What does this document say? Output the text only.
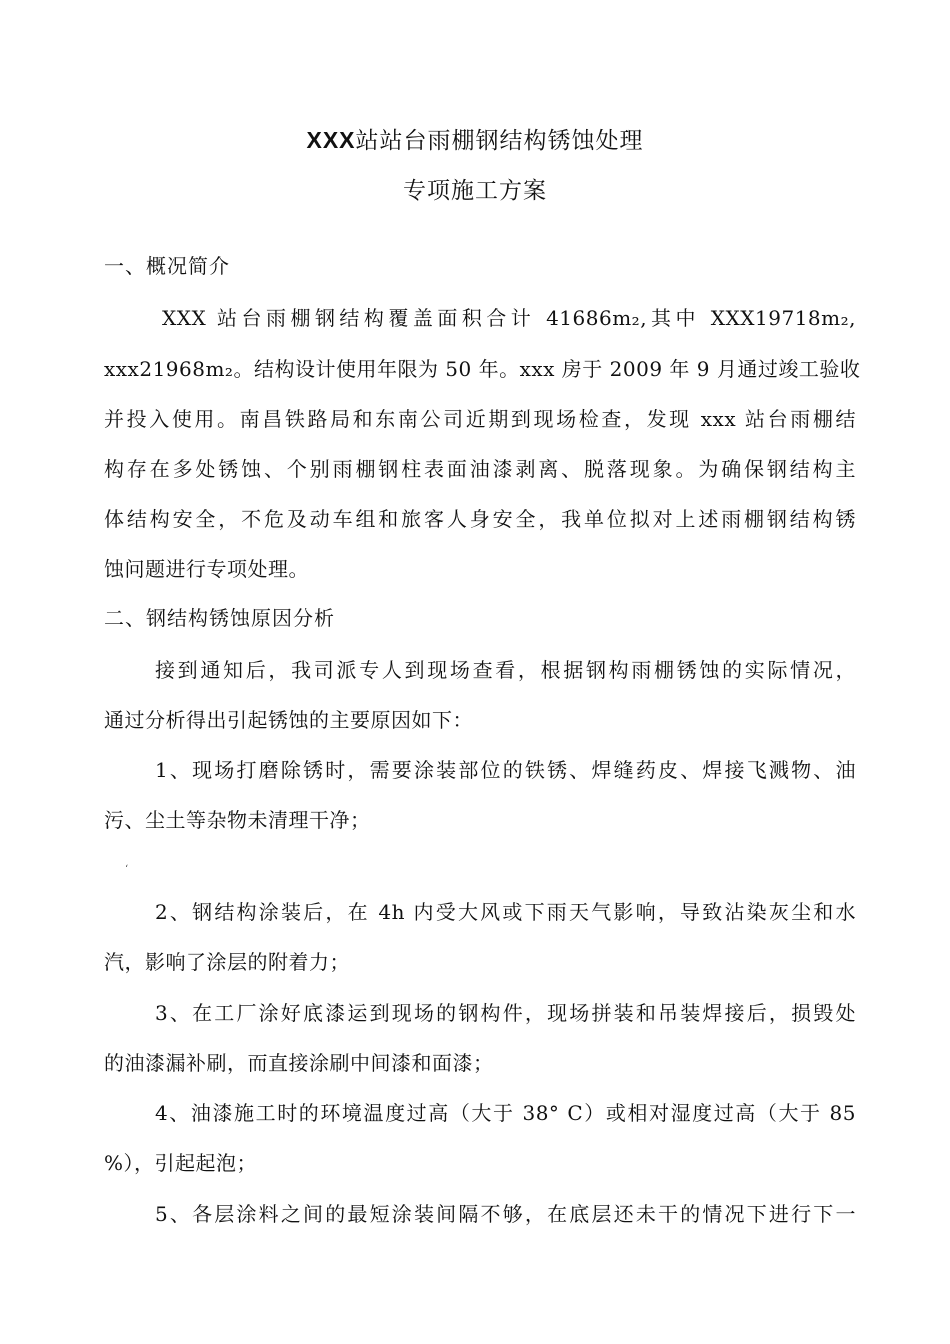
XXX站站台雨棚钢结构锈蚀处理
专项施工方案
一、概况简介
XXX 站台雨棚钢结构覆盖面积合计 41686m₂,其中 XXX19718m₂,
xxx21968m₂。结构设计使用年限为 50 年。xxx 房于 2009 年 9 月通过竣工验收
并投入使用。南昌铁路局和东南公司近期到现场检查，发现 xxx 站台雨棚结
构存在多处锈蚀、个别雨棚钢柱表面油漆剥离、脱落现象。为确保钢结构主
体结构安全，不危及动车组和旅客人身安全，我单位拟对上述雨棚钢结构锈
蚀问题进行专项处理。
二、钢结构锈蚀原因分析
接到通知后，我司派专人到现场查看，根据钢构雨棚锈蚀的实际情况，
通过分析得出引起锈蚀的主要原因如下：
1、现场打磨除锈时，需要涂装部位的铁锈、焊缝药皮、焊接飞溅物、油
污、尘土等杂物未清理干净；
‘
2、钢结构涂装后，在 4h 内受大风或下雨天气影响，导致沾染灰尘和水
汽，影响了涂层的附着力；
3、在工厂涂好底漆运到现场的钢构件，现场拼装和吊装焊接后，损毁处
的油漆漏补刷，而直接涂刷中间漆和面漆；
4、油漆施工时的环境温度过高（大于 38° C）或相对湿度过高（大于 85
%），引起起泡；
5、各层涂料之间的最短涂装间隔不够，在底层还未干的情况下进行下一
